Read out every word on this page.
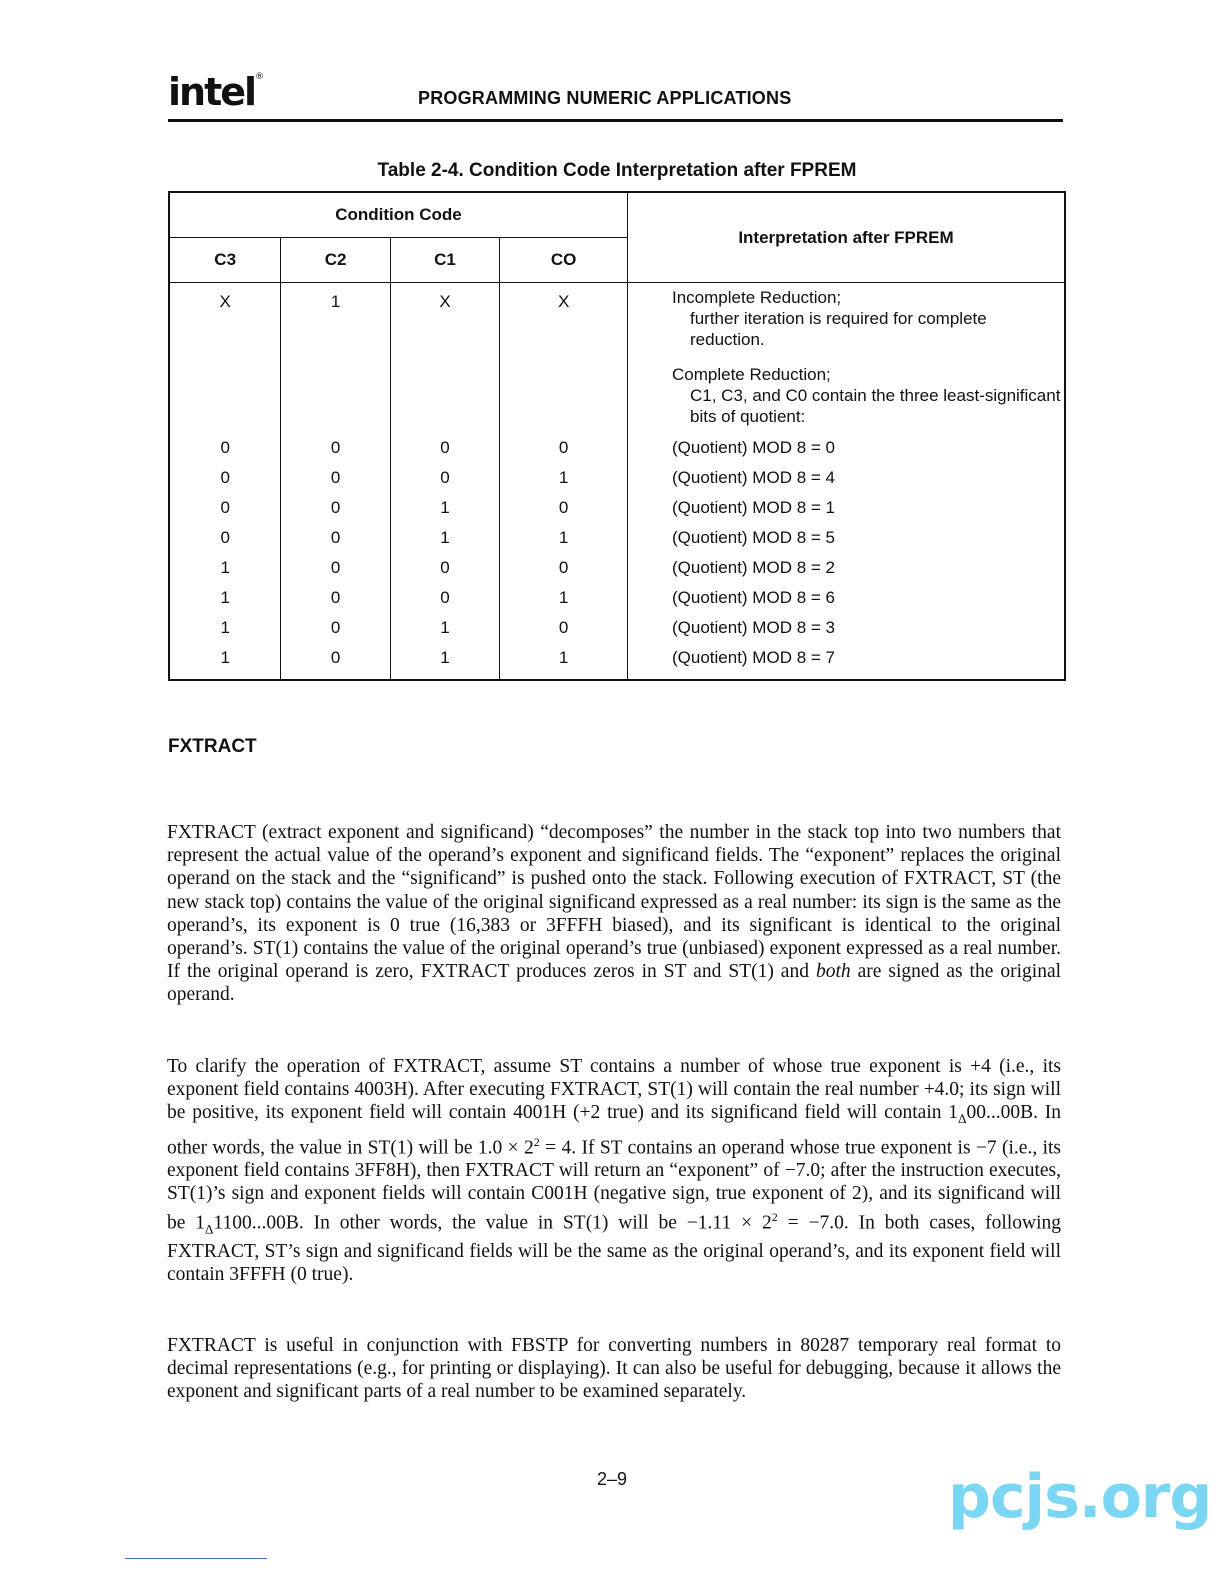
intel®
PROGRAMMING NUMERIC APPLICATIONS
Table 2-4. Condition Code Interpretation after FPREM
Condition Code				Interpretation after FPREM
C3	C2	C1	CO	
X	1	X	X	Incomplete Reduction;
further iteration is required for complete reduction.

				Complete Reduction;
C1, C3, and C0 contain the three least-significant bits of quotient:

0	0	0	0	(Quotient) MOD 8 = 0
0	0	0	1	(Quotient) MOD 8 = 4
0	0	1	0	(Quotient) MOD 8 = 1
0	0	1	1	(Quotient) MOD 8 = 5
1	0	0	0	(Quotient) MOD 8 = 2
1	0	0	1	(Quotient) MOD 8 = 6
1	0	1	0	(Quotient) MOD 8 = 3
1	0	1	1	(Quotient) MOD 8 = 7
FXTRACT

FXTRACT (extract exponent and significand) “decomposes” the number in the stack top into two numbers that represent the actual value of the operand’s exponent and significand fields. The “exponent” replaces the original operand on the stack and the “significand” is pushed onto the stack. Following execution of FXTRACT, ST (the new stack top) contains the value of the original significand expressed as a real number: its sign is the same as the operand’s, its exponent is 0 true (16,383 or 3FFFH biased), and its significant is identical to the original operand’s. ST(1) contains the value of the original operand’s true (unbiased) exponent expressed as a real number. If the original operand is zero, FXTRACT produces zeros in ST and ST(1) and both are signed as the original operand.

To clarify the operation of FXTRACT, assume ST contains a number of whose true exponent is +4 (i.e., its exponent field contains 4003H). After executing FXTRACT, ST(1) will contain the real number +4.0; its sign will be positive, its exponent field will contain 4001H (+2 true) and its significand field will contain $1_\Delta 00...00B$. In other words, the value in ST(1) will be $1.0 \times 2^2 = 4$. If ST contains an operand whose true exponent is −7 (i.e., its exponent field contains 3FF8H), then FXTRACT will return an “exponent” of −7.0; after the instruction executes, ST(1)’s sign and exponent fields will contain C001H (negative sign, true exponent of 2), and its significand will be $1_\Delta 1100...00B$. In other words, the value in ST(1) will be $-1.11 \times 2^2 = -7.0$. In both cases, following FXTRACT, ST’s sign and significand fields will be the same as the original operand’s, and its exponent field will contain 3FFFH (0 true).

FXTRACT is useful in conjunction with FBSTP for converting numbers in 80287 temporary real format to decimal representations (e.g., for printing or displaying). It can also be useful for debugging, because it allows the exponent and significant parts of a real number to be examined separately.

2–9	pcjs.org
